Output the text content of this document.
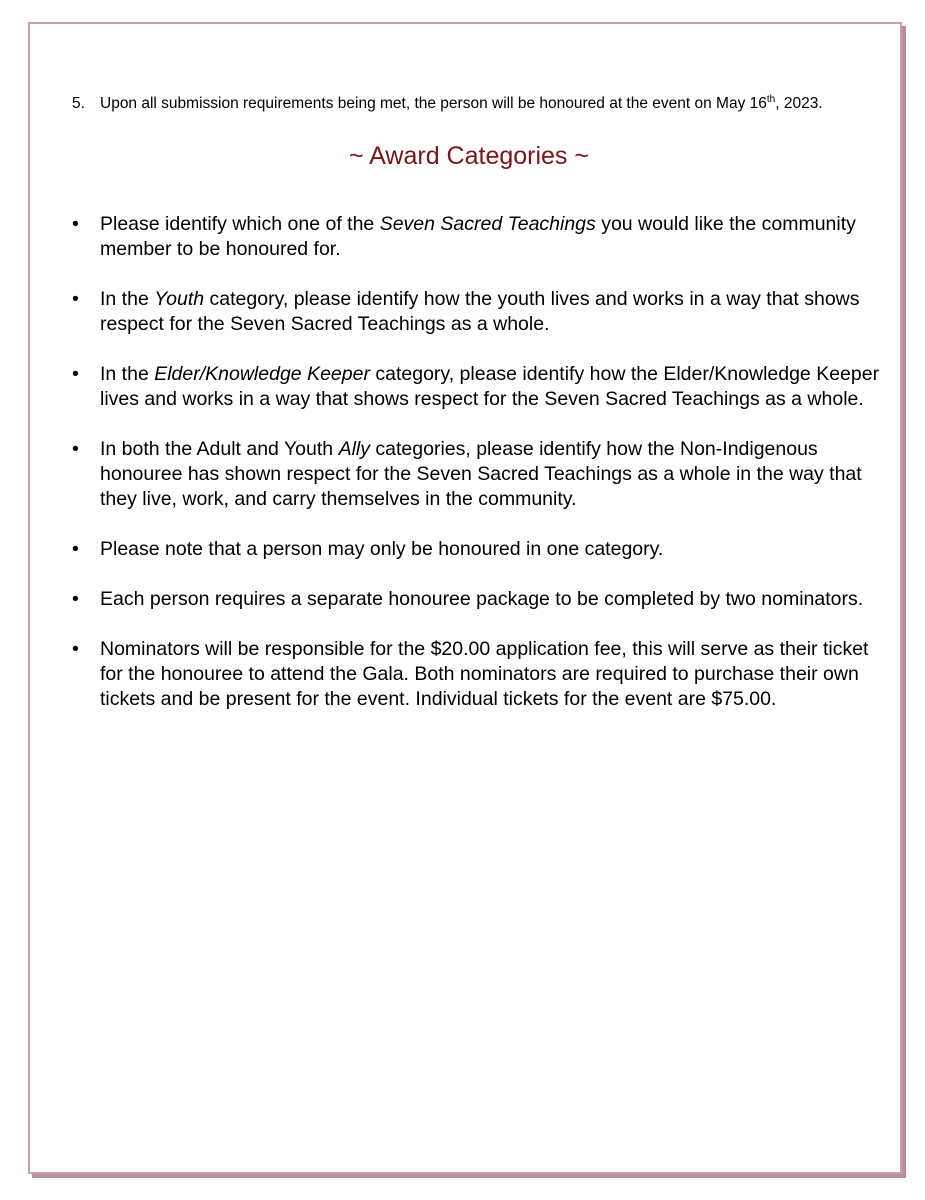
5. Upon all submission requirements being met, the person will be honoured at the event on May 16th, 2023.
~ Award Categories ~
• Please identify which one of the Seven Sacred Teachings you would like the community member to be honoured for.
• In the Youth category, please identify how the youth lives and works in a way that shows respect for the Seven Sacred Teachings as a whole.
• In the Elder/Knowledge Keeper category, please identify how the Elder/Knowledge Keeper lives and works in a way that shows respect for the Seven Sacred Teachings as a whole.
• In both the Adult and Youth Ally categories, please identify how the Non-Indigenous honouree has shown respect for the Seven Sacred Teachings as a whole in the way that they live, work, and carry themselves in the community.
• Please note that a person may only be honoured in one category.
• Each person requires a separate honouree package to be completed by two nominators.
• Nominators will be responsible for the $20.00 application fee, this will serve as their ticket for the honouree to attend the Gala. Both nominators are required to purchase their own tickets and be present for the event. Individual tickets for the event are $75.00.
